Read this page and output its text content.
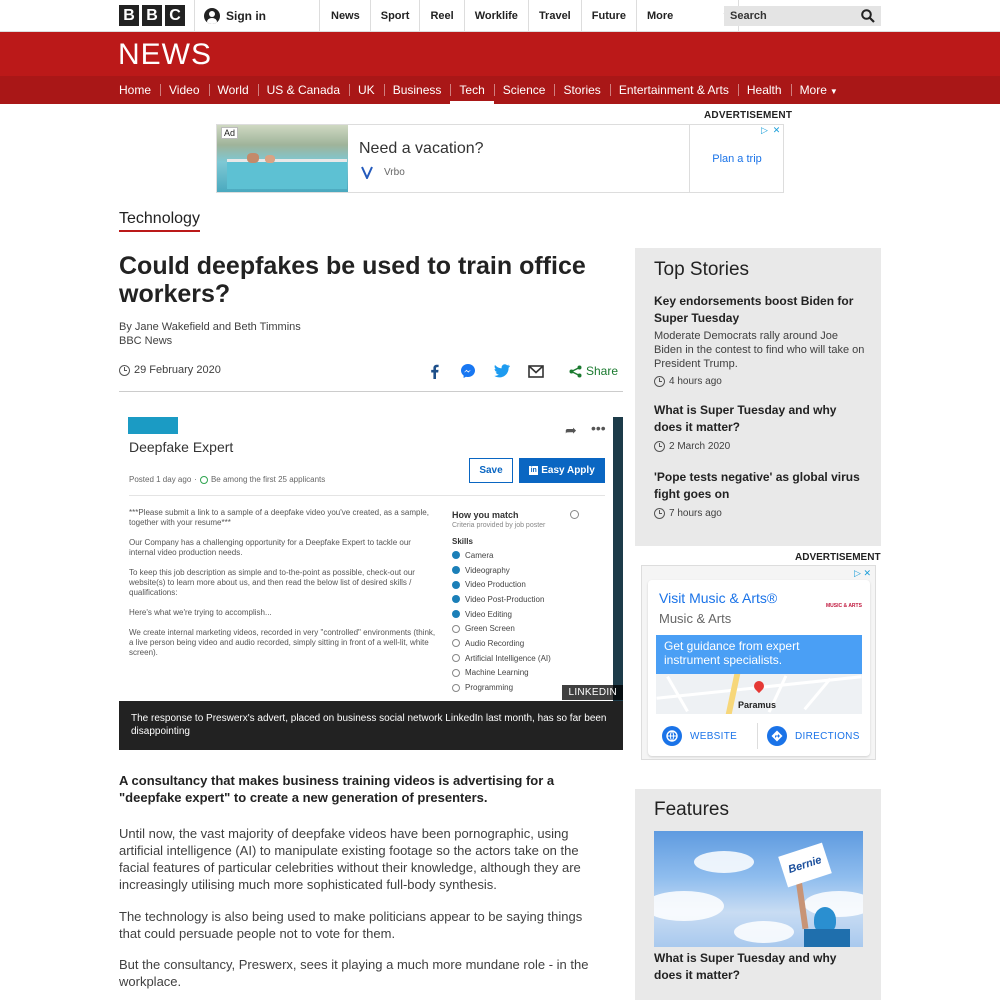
B B C	Sign in	News	Sport	Reel	Worklife	Travel	Future	More
Search
NEWS
Home	Video	World	US & Canada	UK	Business	Tech	Science	Stories	Entertainment & Arts	Health	More ▼
ADVERTISEMENT
Ad
Need a vacation?
Vrbo
Plan a trip
▷ ✕
Technology
Could deepfakes be used to train office workers?
By Jane Wakefield and Beth Timmins
BBC News
29 February 2020	Share
Deepfake Expert
➦ •••
Posted 1 day ago · Be among the first 25 applicants
Save	in Easy Apply

***Please submit a link to a sample of a deepfake video you've created, as a sample, together with your resume***

Our Company has a challenging opportunity for a Deepfake Expert to tackle our internal video production needs.

To keep this job description as simple and to-the-point as possible, check-out our website(s) to learn more about us, and then read the below list of desired skills / qualifications:

Here's what we're trying to accomplish...

We create internal marketing videos, recorded in very "controlled" environments (think, a live person being video and audio recorded, simply sitting in front of a well-lit, white screen).

How you match
Criteria provided by job poster
Skills
Camera
Videography
Video Production
Video Post-Production
Video Editing
Green Screen
Audio Recording
Artificial Intelligence (AI)
Machine Learning
Programming	LINKEDIN
The response to Preswerx's advert, placed on business social network LinkedIn last month, has so far been disappointing

A consultancy that makes business training videos is advertising for a "deepfake expert" to create a new generation of presenters.

Until now, the vast majority of deepfake videos have been pornographic, using artificial intelligence (AI) to manipulate existing footage so the actors take on the facial features of particular celebrities without their knowledge, although they are increasingly utilising much more sophisticated full-body synthesis.

The technology is also being used to make politicians appear to be saying things that could persuade people not to vote for them.

But the consultancy, Preswerx, sees it playing a much more mundane role - in the workplace.

Top Stories
Key endorsements boost Biden for Super Tuesday
Moderate Democrats rally around Joe Biden in the contest to find who will take on President Trump.
4 hours ago
What is Super Tuesday and why does it matter?
2 March 2020
'Pope tests negative' as global virus fight goes on
7 hours ago
ADVERTISEMENT
▷ ✕
Visit Music & Arts®
Music & Arts
MUSIC & ARTS
Get guidance from expert instrument specialists.
Paramus
WEBSITE	DIRECTIONS
Features
Bernie
What is Super Tuesday and why does it matter?
